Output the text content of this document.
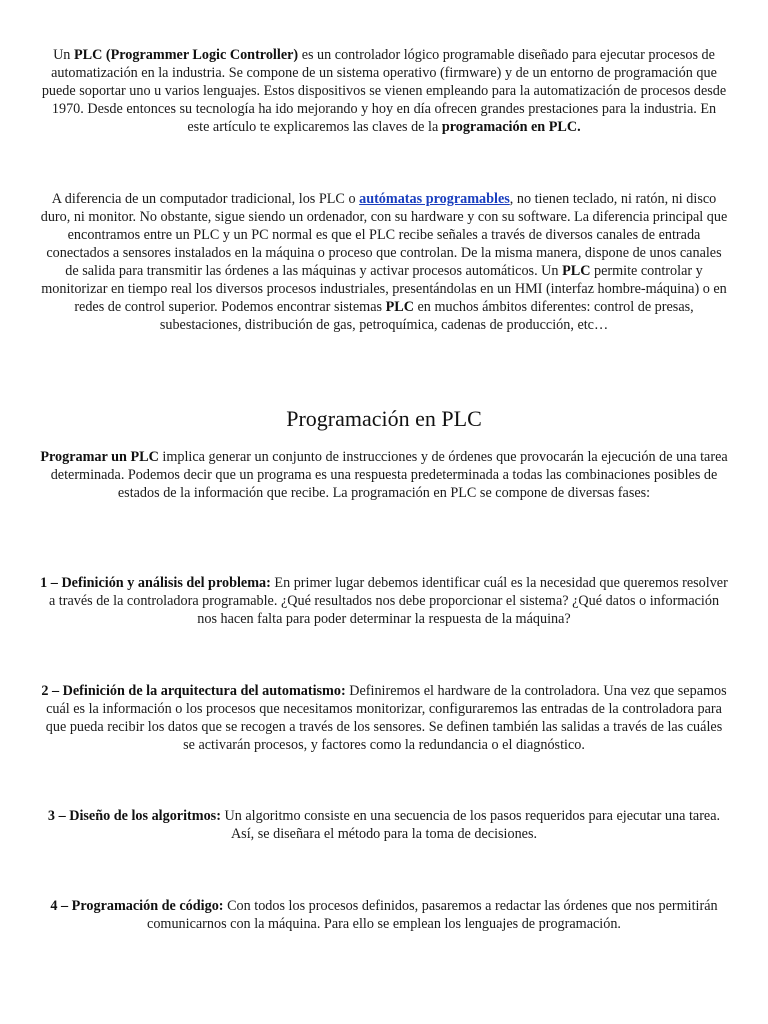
Un PLC (Programmer Logic Controller) es un controlador lógico programable diseñado para ejecutar procesos de automatización en la industria. Se compone de un sistema operativo (firmware) y de un entorno de programación que puede soportar uno u varios lenguajes. Estos dispositivos se vienen empleando para la automatización de procesos desde 1970. Desde entonces su tecnología ha ido mejorando y hoy en día ofrecen grandes prestaciones para la industria. En este artículo te explicaremos las claves de la programación en PLC.

A diferencia de un computador tradicional, los PLC o autómatas programables, no tienen teclado, ni ratón, ni disco duro, ni monitor. No obstante, sigue siendo un ordenador, con su hardware y con su software. La diferencia principal que encontramos entre un PLC y un PC normal es que el PLC recibe señales a través de diversos canales de entrada conectados a sensores instalados en la máquina o proceso que controlan. De la misma manera, dispone de unos canales de salida para transmitir las órdenes a las máquinas y activar procesos automáticos. Un PLC permite controlar y monitorizar en tiempo real los diversos procesos industriales, presentándolas en un HMI (interfaz hombre-máquina) o en redes de control superior. Podemos encontrar sistemas PLC en muchos ámbitos diferentes: control de presas, subestaciones, distribución de gas, petroquímica, cadenas de producción, etc…

Programación en PLC

Programar un PLC implica generar un conjunto de instrucciones y de órdenes que provocarán la ejecución de una tarea determinada. Podemos decir que un programa es una respuesta predeterminada a todas las combinaciones posibles de estados de la información que recibe. La programación en PLC se compone de diversas fases:

1 – Definición y análisis del problema: En primer lugar debemos identificar cuál es la necesidad que queremos resolver a través de la controladora programable. ¿Qué resultados nos debe proporcionar el sistema? ¿Qué datos o información nos hacen falta para poder determinar la respuesta de la máquina?

2 – Definición de la arquitectura del automatismo: Definiremos el hardware de la controladora. Una vez que sepamos cuál es la información o los procesos que necesitamos monitorizar, configuraremos las entradas de la controladora para que pueda recibir los datos que se recogen a través de los sensores. Se definen también las salidas a través de las cuáles se activarán procesos, y factores como la redundancia o el diagnóstico.

3 – Diseño de los algoritmos: Un algoritmo consiste en una secuencia de los pasos requeridos para ejecutar una tarea. Así, se diseñara el método para la toma de decisiones.

4 – Programación de código: Con todos los procesos definidos, pasaremos a redactar las órdenes que nos permitirán comunicarnos con la máquina. Para ello se emplean los lenguajes de programación.
